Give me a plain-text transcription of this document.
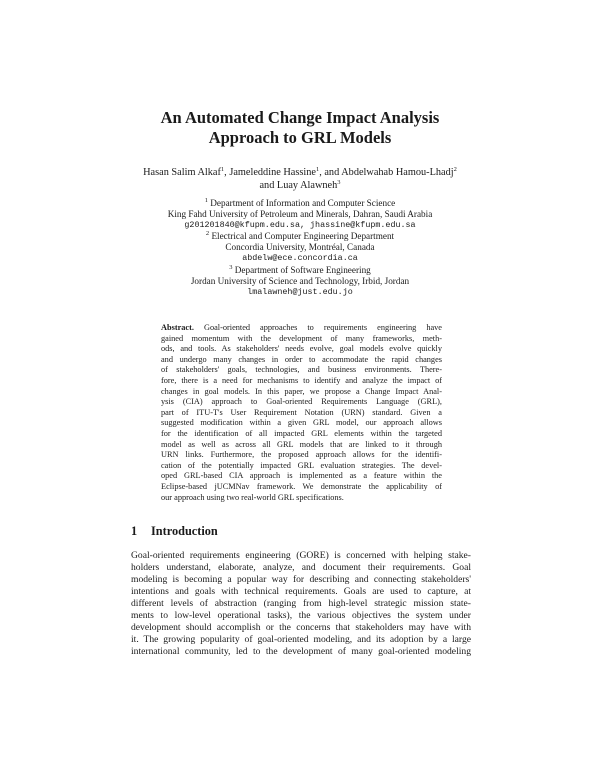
An Automated Change Impact Analysis
Approach to GRL Models
Hasan Salim Alkaf$^1$, Jameleddine Hassine$^1$, and Abdelwahab Hamou-Lhadj$^2$
and Luay Alawneh$^3$
$^1$ Department of Information and Computer Science
King Fahd University of Petroleum and Minerals, Dahran, Saudi Arabia
g201201840@kfupm.edu.sa, jhassine@kfupm.edu.sa
$^2$ Electrical and Computer Engineering Department
Concordia University, Montréal, Canada
abdelw@ece.concordia.ca
$^3$ Department of Software Engineering
Jordan University of Science and Technology, Irbid, Jordan
lmalawneh@just.edu.jo
Abstract. Goal-oriented approaches to requirements engineering have
gained momentum with the development of many frameworks, meth-
ods, and tools. As stakeholders' needs evolve, goal models evolve quickly
and undergo many changes in order to accommodate the rapid changes
of stakeholders' goals, technologies, and business environments. There-
fore, there is a need for mechanisms to identify and analyze the impact of
changes in goal models. In this paper, we propose a Change Impact Anal-
ysis (CIA) approach to Goal-oriented Requirements Language (GRL),
part of ITU-T's User Requirement Notation (URN) standard. Given a
suggested modification within a given GRL model, our approach allows
for the identification of all impacted GRL elements within the targeted
model as well as across all GRL models that are linked to it through
URN links. Furthermore, the proposed approach allows for the identifi-
cation of the potentially impacted GRL evaluation strategies. The devel-
oped GRL-based CIA approach is implemented as a feature within the
Eclipse-based jUCMNav framework. We demonstrate the applicability of
our approach using two real-world GRL specifications.
1 Introduction
Goal-oriented requirements engineering (GORE) is concerned with helping stake-
holders understand, elaborate, analyze, and document their requirements. Goal
modeling is becoming a popular way for describing and connecting stakeholders'
intentions and goals with technical requirements. Goals are used to capture, at
different levels of abstraction (ranging from high-level strategic mission state-
ments to low-level operational tasks), the various objectives the system under
development should accomplish or the concerns that stakeholders may have with
it. The growing popularity of goal-oriented modeling, and its adoption by a large
international community, led to the development of many goal-oriented modeling
